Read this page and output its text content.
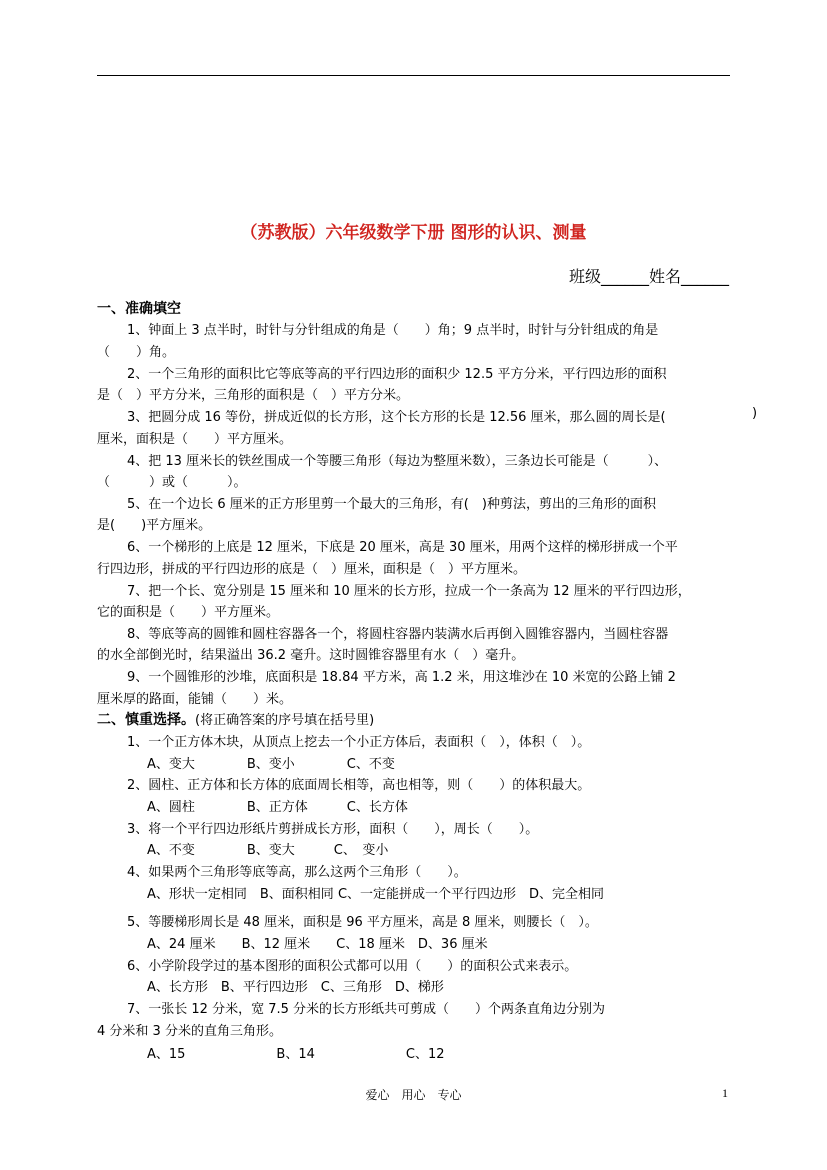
（苏教版）六年级数学下册 图形的认识、测量
班级______姓名______
一、准确填空
1、钟面上 3 点半时，时针与分针组成的角是（　　）角；9 点半时，时针与分针组成的角是
（　　）角。
2、一个三角形的面积比它等底等高的平行四边形的面积少 12.5 平方分米，平行四边形的面积
是（　）平方分米，三角形的面积是（　）平方分米。
3、把圆分成 16 等份，拼成近似的长方形，这个长方形的长是 12.56 厘米，那么圆的周长是(	)
厘米，面积是（　　）平方厘米。
4、把 13 厘米长的铁丝围成一个等腰三角形（每边为整厘米数），三条边长可能是（　　　）、
（　　　）或（　　　）。
5、在一个边长 6 厘米的正方形里剪一个最大的三角形，有(　)种剪法，剪出的三角形的面积
是(　　)平方厘米。
6、一个梯形的上底是 12 厘米，下底是 20 厘米，高是 30 厘米，用两个这样的梯形拼成一个平
行四边形，拼成的平行四边形的底是（　）厘米，面积是（　）平方厘米。
7、把一个长、宽分别是 15 厘米和 10 厘米的长方形，拉成一个一条高为 12 厘米的平行四边形，
它的面积是（　　）平方厘米。
8、等底等高的圆锥和圆柱容器各一个，将圆柱容器内装满水后再倒入圆锥容器内，当圆柱容器
的水全部倒光时，结果溢出 36.2 毫升。这时圆锥容器里有水（　）毫升。
9、一个圆锥形的沙堆，底面积是 18.84 平方米，高 1.2 米，用这堆沙在 10 米宽的公路上铺 2
厘米厚的路面，能铺（　　）米。
二、慎重选择。(将正确答案的序号填在括号里)
1、一个正方体木块，从顶点上挖去一个小正方体后，表面积（　），体积（　）。
A、变大　　　　B、变小　　　　C、不变
2、圆柱、正方体和长方体的底面周长相等，高也相等，则（　　）的体积最大。
A、圆柱　　　　B、正方体　　　C、长方体
3、将一个平行四边形纸片剪拼成长方形，面积（　　），周长（　　）。
A、不变　　　　B、变大　　　C、　变小
4、如果两个三角形等底等高，那么这两个三角形（　　）。
A、形状一定相同　B、面积相同 C、一定能拼成一个平行四边形　D、完全相同
5、等腰梯形周长是 48 厘米，面积是 96 平方厘米，高是 8 厘米，则腰长（　）。
A、24 厘米　　B、12 厘米　　C、18 厘米　D、36 厘米
6、小学阶段学过的基本图形的面积公式都可以用（　　）的面积公式来表示。
A、长方形　B、平行四边形　C、三角形　D、梯形
7、一张长 12 分米，宽 7.5 分米的长方形纸共可剪成（　　）个两条直角边分别为
4 分米和 3 分米的直角三角形。
A、15　　　　　　　B、14　　　　　　　C、12
爱心　用心　专心	1
